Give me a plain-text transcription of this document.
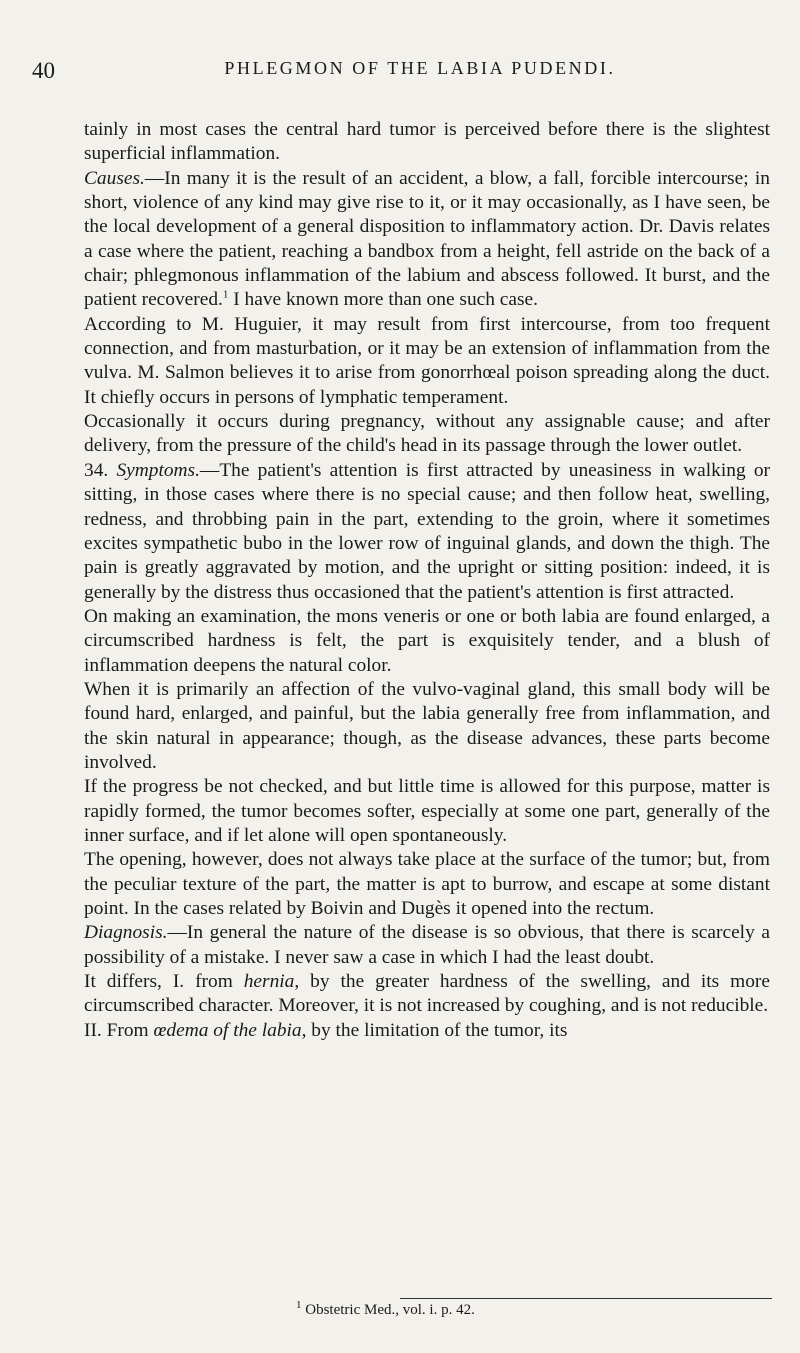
40	PHLEGMON OF THE LABIA PUDENDI.

tainly in most cases the central hard tumor is perceived before there is the slightest superficial inflammation.

Causes.—In many it is the result of an accident, a blow, a fall, forcible intercourse; in short, violence of any kind may give rise to it, or it may occasionally, as I have seen, be the local development of a general disposition to inflammatory action. Dr. Davis relates a case where the patient, reaching a bandbox from a height, fell astride on the back of a chair; phlegmonous inflammation of the labium and abscess followed. It burst, and the patient recovered.$^1$ I have known more than one such case.

According to M. Huguier, it may result from first intercourse, from too frequent connection, and from masturbation, or it may be an extension of inflammation from the vulva. M. Salmon believes it to arise from gonorrhœal poison spreading along the duct. It chiefly occurs in persons of lymphatic temperament.

Occasionally it occurs during pregnancy, without any assignable cause; and after delivery, from the pressure of the child's head in its passage through the lower outlet.

34. Symptoms.—The patient's attention is first attracted by uneasiness in walking or sitting, in those cases where there is no special cause; and then follow heat, swelling, redness, and throbbing pain in the part, extending to the groin, where it sometimes excites sympathetic bubo in the lower row of inguinal glands, and down the thigh. The pain is greatly aggravated by motion, and the upright or sitting position: indeed, it is generally by the distress thus occasioned that the patient's attention is first attracted.

On making an examination, the mons veneris or one or both labia are found enlarged, a circumscribed hardness is felt, the part is exquisitely tender, and a blush of inflammation deepens the natural color.

When it is primarily an affection of the vulvo-vaginal gland, this small body will be found hard, enlarged, and painful, but the labia generally free from inflammation, and the skin natural in appearance; though, as the disease advances, these parts become involved.

If the progress be not checked, and but little time is allowed for this purpose, matter is rapidly formed, the tumor becomes softer, especially at some one part, generally of the inner surface, and if let alone will open spontaneously.

The opening, however, does not always take place at the surface of the tumor; but, from the peculiar texture of the part, the matter is apt to burrow, and escape at some distant point. In the cases related by Boivin and Dugès it opened into the rectum.

Diagnosis.—In general the nature of the disease is so obvious, that there is scarcely a possibility of a mistake. I never saw a case in which I had the least doubt.

It differs, I. from hernia, by the greater hardness of the swelling, and its more circumscribed character. Moreover, it is not increased by coughing, and is not reducible.

II. From œdema of the labia, by the limitation of the tumor, its

$^1$ Obstetric Med., vol. i. p. 42.
